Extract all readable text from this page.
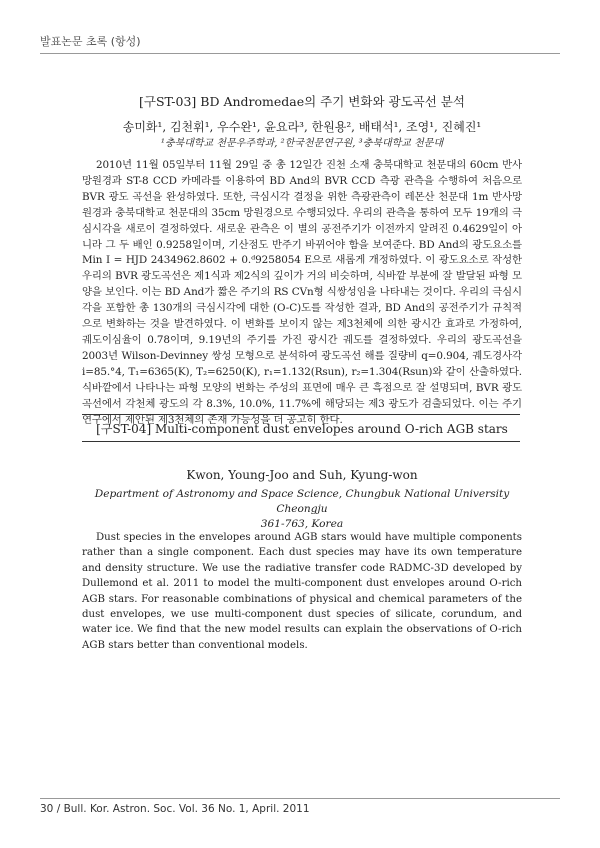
발표논문 초록 (항성)
[구ST-03] BD Andromedae의 주기 변화와 광도곡선 분석
송미화¹, 김천휘¹, 우수완¹, 윤요라³, 한원용², 배태석¹, 조영¹, 진혜진¹
¹충북대학교 천문우주학과, ²한국천문연구원, ³충북대학교 천문대
2010년 11월 05일부터 11월 29일 중 총 12일간 진천 소재 충북대학교 천문대의 60cm 반사망원경과 ST-8 CCD 카메라를 이용하여 BD And의 BVR CCD 측광 관측을 수행하여 처음으로 BVR 광도 곡선을 완성하였다. 또한, 극심시각 결정을 위한 측광관측이 레몬산 천문대 1m 반사망원경과 충북대학교 천문대의 35cm 망원경으로 수행되었다. 우리의 관측을 통하여 모두 19개의 극심시각을 새로이 결정하였다. 새로운 관측은 이 별의 공전주기가 이전까지 알려진 0.4629일이 아니라 그 두 배인 0.9258일이며, 기산점도 반주기 바뀌어야 함을 보여준다. BD And의 광도요소를 Min I = HJD 2434962.8602 + 0.ᵈ9258054 E으로 새롭게 개정하였다. 이 광도요소로 작성한 우리의 BVR 광도곡선은 제1식과 제2식의 깊이가 거의 비슷하며, 식바깥 부분에 잘 발달된 파형 모양을 보인다. 이는 BD And가 짧은 주기의 RS CVn형 식쌍성임을 나타내는 것이다. 우리의 극심시각을 포함한 총 130개의 극심시각에 대한 (O-C)도를 작성한 결과, BD And의 공전주기가 규칙적으로 변화하는 것을 발견하였다. 이 변화를 보이지 않는 제3천체에 의한 광시간 효과로 가정하여, 궤도이심율이 0.78이며, 9.19년의 주기를 가진 광시간 궤도를 결정하였다. 우리의 광도곡선을 2003년 Wilson-Devinney 쌍성 모형으로 분석하여 광도곡선 해를 질량비 q=0.904, 궤도경사각 i=85.°4, T₁=6365(K), T₂=6250(K), r₁=1.132(Rsun), r₂=1.304(Rsun)와 같이 산출하였다. 식바깥에서 나타나는 파형 모양의 변화는 주성의 표면에 매우 큰 흑점으로 잘 설명되며, BVR 광도곡선에서 각천체 광도의 각 8.3%, 10.0%, 11.7%에 해당되는 제3 광도가 검출되었다. 이는 주기연구에서 제안된 제3천체의 존재 가능성을 더 공고히 한다.
[구ST-04] Multi-component dust envelopes around O-rich AGB stars
Kwon, Young-Joo and Suh, Kyung-won
Department of Astronomy and Space Science, Chungbuk National University Cheongju
361-763, Korea
Dust species in the envelopes around AGB stars would have multiple components rather than a single component. Each dust species may have its own temperature and density structure. We use the radiative transfer code RADMC-3D developed by Dullemond et al. 2011 to model the multi-component dust envelopes around O-rich AGB stars. For reasonable combinations of physical and chemical parameters of the dust envelopes, we use multi-component dust species of silicate, corundum, and water ice. We find that the new model results can explain the observations of O-rich AGB stars better than conventional models.
30 / Bull. Kor. Astron. Soc. Vol. 36 No. 1, April. 2011
